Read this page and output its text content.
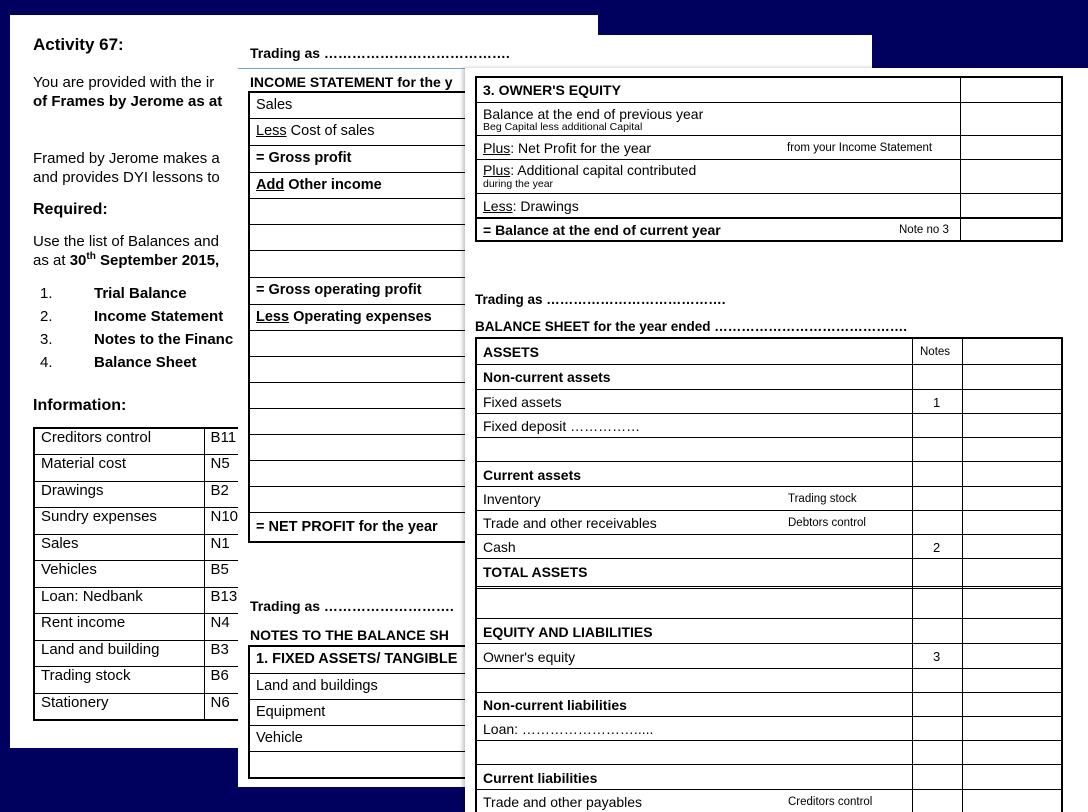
Activity 67:
You are provided with the ir
of Frames by Jerome as at
Framed by Jerome makes a
and provides DYI lessons to
Required:
Use the list of Balances and
as at 30th September 2015,
1.	Trial Balance
2.	Income Statement
3.	Notes to the Financ
4.	Balance Sheet
Information:
Creditors control	B11
Material cost	N5
Drawings	B2
Sundry expenses	N10
Sales	N1
Vehicles	B5
Loan: Nedbank	B13
Rent income	N4
Land and building	B3
Trading stock	B6
Stationery	N6
Trading as ………………………………….
INCOME STATEMENT for the y
Sales
Less Cost of sales
= Gross profit
Add Other income
= Gross operating profit
Less Operating expenses
= NET PROFIT for the year
Trading as ……………………….
NOTES TO THE BALANCE SH
1. FIXED ASSETS/ TANGIBLE
Land and buildings
Equipment
Vehicle
3. OWNER'S EQUITY
Balance at the end of previous year
Beg Capital less additional Capital
Plus: Net Profit for the year	from your Income Statement
Plus: Additional capital contributed
during the year
Less: Drawings
= Balance at the end of current year	Note no 3
Trading as ………………………………….
BALANCE SHEET for the year ended …………………………………….
ASSETS	Notes
Non-current assets
Fixed assets	1
Fixed deposit ……………
Current assets
Inventory	Trading stock
Trade and other receivables	Debtors control
Cash	2
TOTAL ASSETS
EQUITY AND LIABILITIES
Owner's equity	3
Non-current liabilities
Loan: …………………….....
Current liabilities
Trade and other payables	Creditors control
